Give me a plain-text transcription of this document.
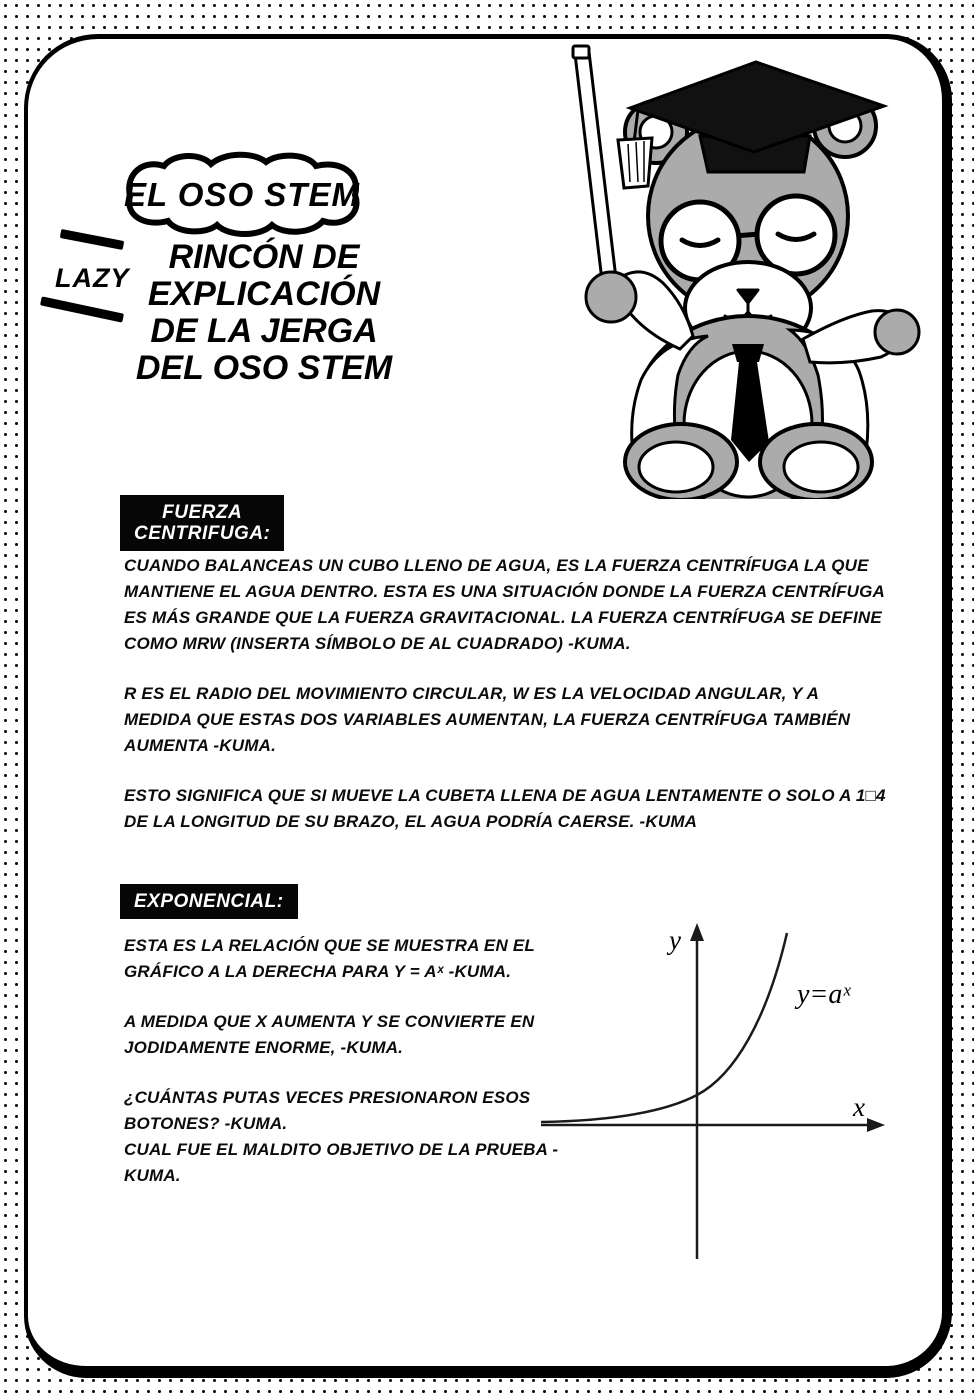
EL OSO STEM
LAZY
RINCÓN DE
EXPLICACIÓN
DE LA JERGA
DEL OSO STEM
FUERZA
CENTRIFUGA:

CUANDO BALANCEAS UN CUBO LLENO DE AGUA, ES LA FUERZA CENTRÍFUGA LA QUE MANTIENE EL AGUA DENTRO. ESTA ES UNA SITUACIÓN DONDE LA FUERZA CENTRÍFUGA ES MÁS GRANDE QUE LA FUERZA GRAVITACIONAL. LA FUERZA CENTRÍFUGA SE DEFINE COMO MRW (INSERTA SÍMBOLO DE AL CUADRADO) -KUMA.

R ES EL RADIO DEL MOVIMIENTO CIRCULAR, W ES LA VELOCIDAD ANGULAR, Y A MEDIDA QUE ESTAS DOS VARIABLES AUMENTAN, LA FUERZA CENTRÍFUGA TAMBIÉN AUMENTA -KUMA.

ESTO SIGNIFICA QUE SI MUEVE LA CUBETA LLENA DE AGUA LENTAMENTE O SOLO A 1□4 DE LA LONGITUD DE SU BRAZO, EL AGUA PODRÍA CAERSE. -KUMA

EXPONENCIAL:

ESTA ES LA RELACIÓN QUE SE MUESTRA EN EL GRÁFICO A LA DERECHA PARA Y = Aˣ -KUMA.

A MEDIDA QUE X AUMENTA Y SE CONVIERTE EN JODIDAMENTE ENORME, -KUMA.

¿CUÁNTAS PUTAS VECES PRESIONARON ESOS BOTONES? -KUMA.

CUAL FUE EL MALDITO OBJETIVO DE LA PRUEBA -KUMA.

y
x
y=aˣ
